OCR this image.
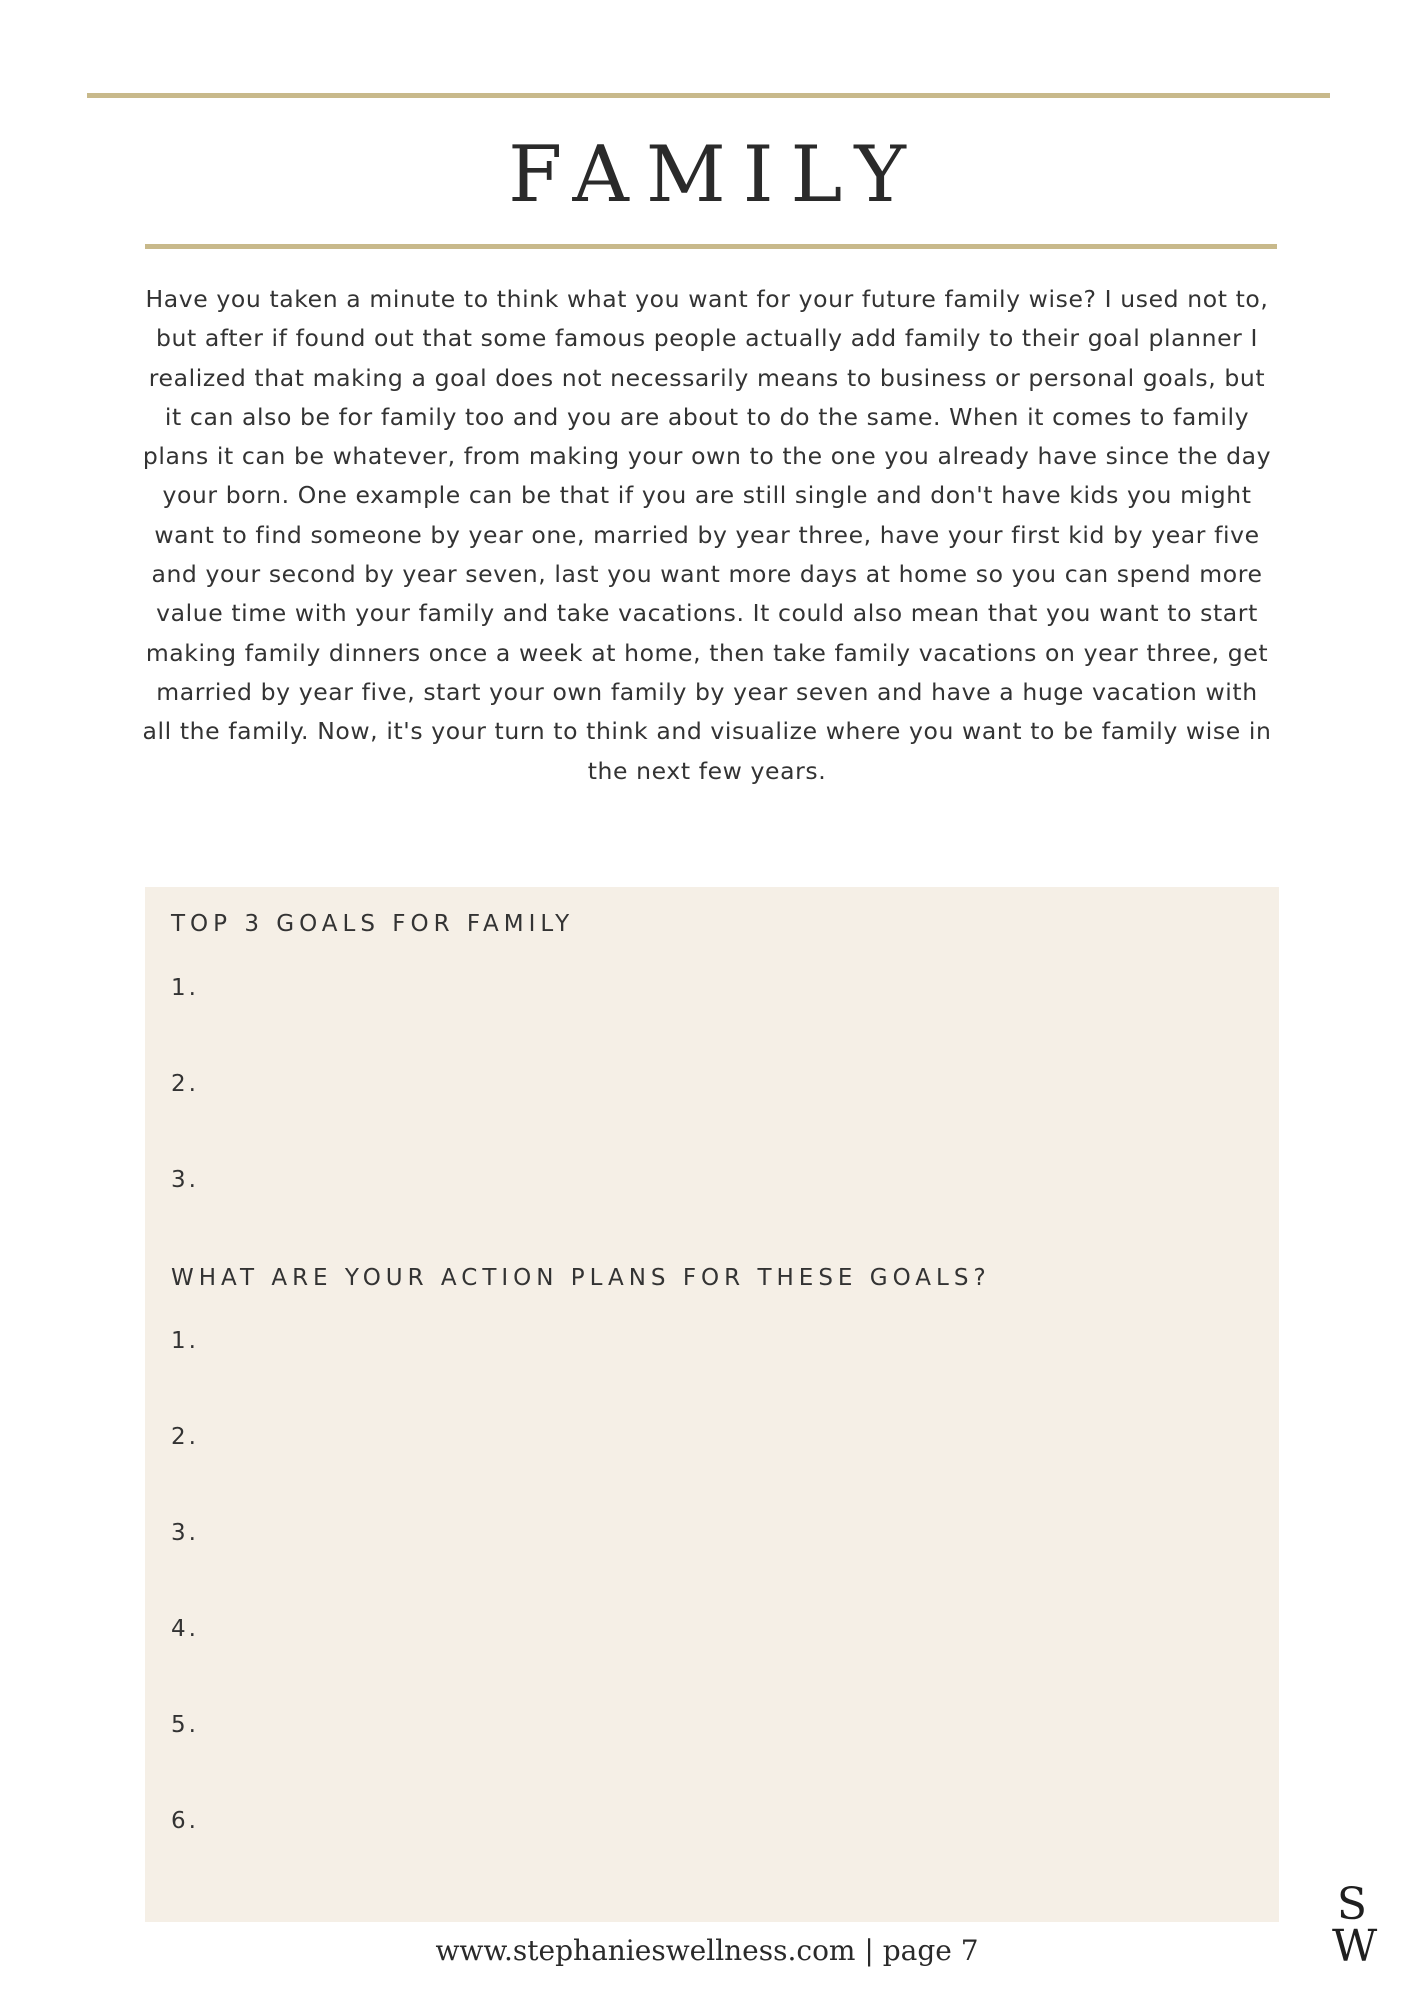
FAMILY

Have you taken a minute to think what you want for your future family wise? I used not to, but after if found out that some famous people actually add family to their goal planner I realized that making a goal does not necessarily means to business or personal goals, but it can also be for family too and you are about to do the same. When it comes to family plans it can be whatever, from making your own to the one you already have since the day your born. One example can be that if you are still single and don't have kids you might want to find someone by year one, married by year three, have your first kid by year five and your second by year seven, last you want more days at home so you can spend more value time with your family and take vacations. It could also mean that you want to start making family dinners once a week at home, then take family vacations on year three, get married by year five, start your own family by year seven and have a huge vacation with all the family. Now, it's your turn to think and visualize where you want to be family wise in the next few years.

TOP 3 GOALS FOR FAMILY
1.
2.
3.
WHAT ARE YOUR ACTION PLANS FOR THESE GOALS?
1.
2.
3.
4.
5.
6.
www.stephanieswellness.com | page 7
S
W
